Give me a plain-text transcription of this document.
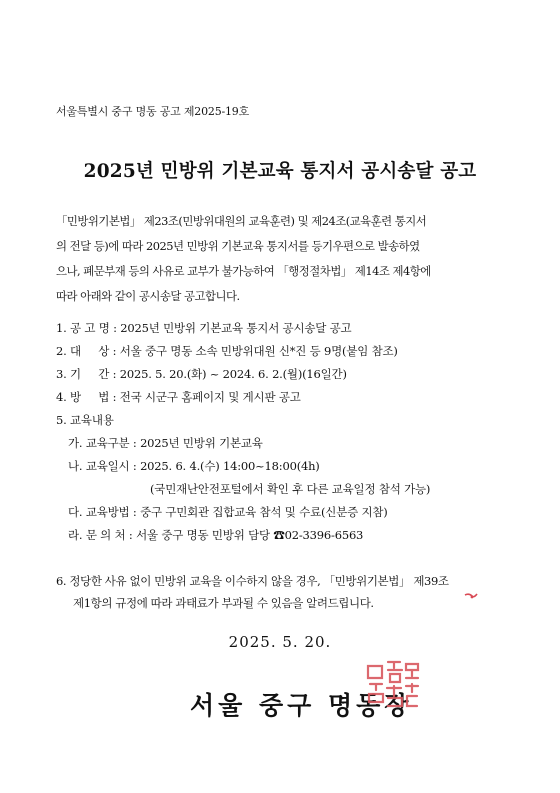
서울특별시 중구 명동 공고 제2025-19호
2025년 민방위 기본교육 통지서 공시송달 공고
「민방위기본법」 제23조(민방위대원의 교육훈련) 및 제24조(교육훈련 통지서
의 전달 등)에 따라 2025년 민방위 기본교육 통지서를 등기우편으로 발송하였
으나, 폐문부재 등의 사유로 교부가 불가능하여 「행정절차법」 제14조 제4항에
따라 아래와 같이 공시송달 공고합니다.
1. 공 고 명 : 2025년 민방위 기본교육 통지서 공시송달 공고
2. 대     상 : 서울 중구 명동 소속 민방위대원 신*진 등 9명(붙임 참조)
3. 기     간 : 2025. 5. 20.(화) ~ 2024. 6. 2.(월)(16일간)
4. 방     법 : 전국 시군구 홈페이지 및 게시판 공고
5. 교육내용
가. 교육구분 : 2025년 민방위 기본교육
나. 교육일시 : 2025. 6. 4.(수) 14:00~18:00(4h)
(국민재난안전포털에서 확인 후 다른 교육일정 참석 가능)
다. 교육방법 : 중구 구민회관 집합교육 참석 및 수료(신분증 지참)
라. 문 의 처 : 서울 중구 명동 민방위 담당 ☎02-3396-6563
6. 정당한 사유 없이 민방위 교육을 이수하지 않을 경우, 「민방위기본법」 제39조
제1항의 규정에 따라 과태료가 부과될 수 있음을 알려드립니다.
2025. 5. 20.
서울 중구 명동장
